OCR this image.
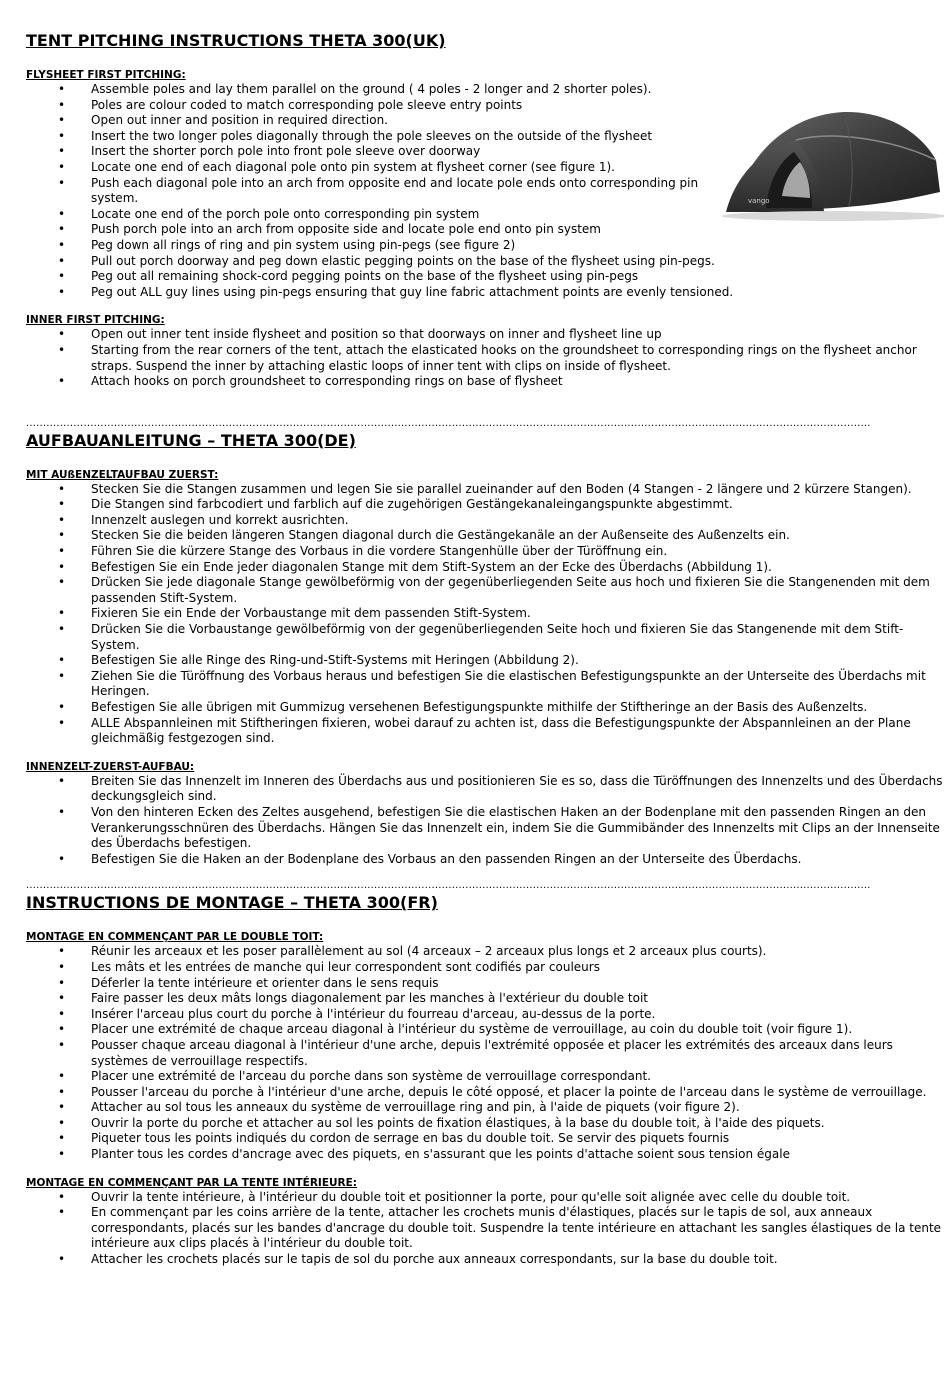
TENT PITCHING INSTRUCTIONS THETA 300(UK)
FLYSHEET FIRST PITCHING:
• Assemble poles and lay them parallel on the ground ( 4 poles - 2 longer and 2 shorter poles).
• Poles are colour coded to match corresponding pole sleeve entry points
• Open out inner and position in required direction.
• Insert the two longer poles diagonally through the pole sleeves on the outside of the flysheet
• Insert the shorter porch pole into front pole sleeve over doorway
• Locate one end of each diagonal pole onto pin system at flysheet corner (see figure 1).
• Push each diagonal pole into an arch from opposite end and locate pole ends onto corresponding pin system.
• Locate one end of the porch pole onto corresponding pin system
• Push porch pole into an arch from opposite side and locate pole end onto pin system
• Peg down all rings of ring and pin system using pin-pegs (see figure 2)
• Pull out porch doorway and peg down elastic pegging points on the base of the flysheet using pin-pegs.
• Peg out all remaining shock-cord pegging points on the base of the flysheet using pin-pegs
• Peg out ALL guy lines using pin-pegs ensuring that guy line fabric attachment points are evenly tensioned.
INNER FIRST PITCHING:
• Open out inner tent inside flysheet and position so that doorways on inner and flysheet line up
• Starting from the rear corners of the tent, attach the elasticated hooks on the groundsheet to corresponding rings on the flysheet anchor straps. Suspend the inner by attaching elastic loops of inner tent with clips on inside of flysheet.
• Attach hooks on porch groundsheet to corresponding rings on base of flysheet
..........................................................................................................................................................................................................................................................
AUFBAUANLEITUNG – THETA 300(DE)
MIT AUßENZELTAUFBAU ZUERST:
• Stecken Sie die Stangen zusammen und legen Sie sie parallel zueinander auf den Boden (4 Stangen - 2 längere und 2 kürzere Stangen).
• Die Stangen sind farbcodiert und farblich auf die zugehörigen Gestängekanaleingangspunkte abgestimmt.
• Innenzelt auslegen und korrekt ausrichten.
• Stecken Sie die beiden längeren Stangen diagonal durch die Gestängekanäle an der Außenseite des Außenzelts ein.
• Führen Sie die kürzere Stange des Vorbaus in die vordere Stangenhülle über der Türöffnung ein.
• Befestigen Sie ein Ende jeder diagonalen Stange mit dem Stift-System an der Ecke des Überdachs (Abbildung 1).
• Drücken Sie jede diagonale Stange gewölbeförmig von der gegenüberliegenden Seite aus hoch und fixieren Sie die Stangenenden mit dem passenden Stift-System.
• Fixieren Sie ein Ende der Vorbaustange mit dem passenden Stift-System.
• Drücken Sie die Vorbaustange gewölbeförmig von der gegenüberliegenden Seite hoch und fixieren Sie das Stangenende mit dem Stift-System.
• Befestigen Sie alle Ringe des Ring-und-Stift-Systems mit Heringen (Abbildung 2).
• Ziehen Sie die Türöffnung des Vorbaus heraus und befestigen Sie die elastischen Befestigungspunkte an der Unterseite des Überdachs mit Heringen.
• Befestigen Sie alle übrigen mit Gummizug versehenen Befestigungspunkte mithilfe der Stiftheringe an der Basis des Außenzelts.
• ALLE Abspannleinen mit Stiftheringen fixieren, wobei darauf zu achten ist, dass die Befestigungspunkte der Abspannleinen an der Plane gleichmäßig festgezogen sind.
INNENZELT-ZUERST-AUFBAU:
• Breiten Sie das Innenzelt im Inneren des Überdachs aus und positionieren Sie es so, dass die Türöffnungen des Innenzelts und des Überdachs deckungsgleich sind.
• Von den hinteren Ecken des Zeltes ausgehend, befestigen Sie die elastischen Haken an der Bodenplane mit den passenden Ringen an den Verankerungsschnüren des Überdachs. Hängen Sie das Innenzelt ein, indem Sie die Gummibänder des Innenzelts mit Clips an der Innenseite des Überdachs befestigen.
• Befestigen Sie die Haken an der Bodenplane des Vorbaus an den passenden Ringen an der Unterseite des Überdachs.
..........................................................................................................................................................................................................................................................
INSTRUCTIONS DE MONTAGE – THETA 300(FR)
MONTAGE EN COMMENÇANT PAR LE DOUBLE TOIT:
• Réunir les arceaux et les poser parallèlement au sol (4 arceaux – 2 arceaux plus longs et 2 arceaux plus courts).
• Les mâts et les entrées de manche qui leur correspondent sont codifiés par couleurs
• Déferler la tente intérieure et orienter dans le sens requis
• Faire passer les deux mâts longs diagonalement par les manches à l'extérieur du double toit
• Insérer l'arceau plus court du porche à l'intérieur du fourreau d'arceau, au-dessus de la porte.
• Placer une extrémité de chaque arceau diagonal à l'intérieur du système de verrouillage, au coin du double toit (voir figure 1).
• Pousser chaque arceau diagonal à l'intérieur d'une arche, depuis l'extrémité opposée et placer les extrémités des arceaux dans leurs systèmes de verrouillage respectifs.
• Placer une extrémité de l'arceau du porche dans son système de verrouillage correspondant.
• Pousser l'arceau du porche à l'intérieur d'une arche, depuis le côté opposé, et placer la pointe de l'arceau dans le système de verrouillage.
• Attacher au sol tous les anneaux du système de verrouillage ring and pin, à l'aide de piquets (voir figure 2).
• Ouvrir la porte du porche et attacher au sol les points de fixation élastiques, à la base du double toit, à l'aide des piquets.
• Piqueter tous les points indiqués du cordon de serrage en bas du double toit. Se servir des piquets fournis
• Planter tous les cordes d'ancrage avec des piquets, en s'assurant que les points d'attache soient sous tension égale
MONTAGE EN COMMENÇANT PAR LA TENTE INTÉRIEURE:
• Ouvrir la tente intérieure, à l'intérieur du double toit et positionner la porte, pour qu'elle soit alignée avec celle du double toit.
• En commençant par les coins arrière de la tente, attacher les crochets munis d'élastiques, placés sur le tapis de sol, aux anneaux correspondants, placés sur les bandes d'ancrage du double toit. Suspendre la tente intérieure en attachant les sangles élastiques de la tente intérieure aux clips placés à l'intérieur du double toit.
• Attacher les crochets placés sur le tapis de sol du porche aux anneaux correspondants, sur la base du double toit.
vango
